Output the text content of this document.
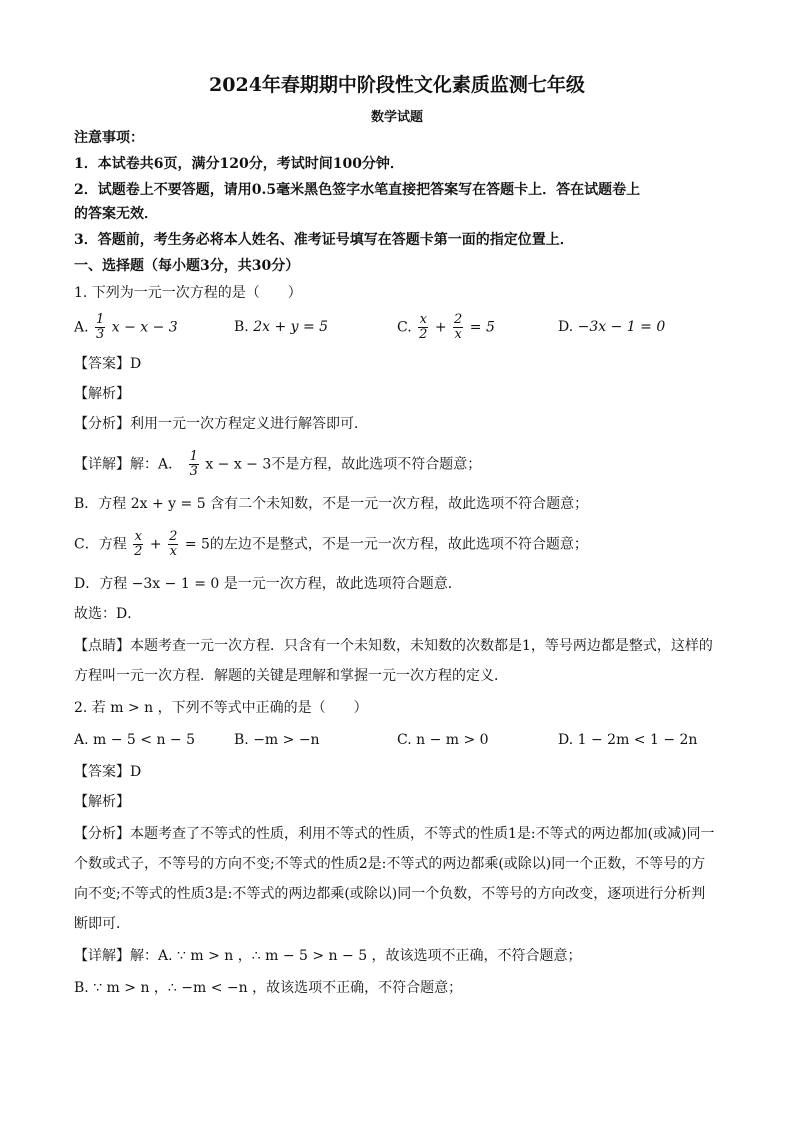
2024年春期期中阶段性文化素质监测七年级
数学试题
注意事项：
1．本试卷共6页，满分120分，考试时间100分钟．
2．试题卷上不要答题，请用0.5毫米黑色签字水笔直接把答案写在答题卡上．答在试题卷上
的答案无效．
3．答题前，考生务必将本人姓名、准考证号填写在答题卡第一面的指定位置上．
一、选择题（每小题3分，共30分）
1. 下列为一元一次方程的是（　　）
A. $\frac{1}{3}$ x − x − 3	B. 2x + y = 5	C. $\frac{x}{2} + \frac{2}{x} = 5$	D. −3x − 1 = 0
【答案】D
【解析】
【分析】利用一元一次方程定义进行解答即可．
【详解】解：A． $\frac{1}{3}$ x − x − 3不是方程，故此选项不符合题意；
B．方程 2x + y = 5 含有二个未知数，不是一元一次方程，故此选项不符合题意；
C．方程 $\frac{x}{2} + \frac{2}{x} = 5$的左边不是整式，不是一元一次方程，故此选项不符合题意；
D．方程 −3x − 1 = 0 是一元一次方程，故此选项符合题意．
故选：D．
【点睛】本题考查一元一次方程．只含有一个未知数，未知数的次数都是1，等号两边都是整式，这样的
方程叫一元一次方程．解题的关键是理解和掌握一元一次方程的定义．
2. 若 m > n ，下列不等式中正确的是（　　）
A. m − 5 < n − 5	B. −m > −n	C. n − m > 0	D. 1 − 2m < 1 − 2n
【答案】D
【解析】
【分析】本题考查了不等式的性质，利用不等式的性质，不等式的性质1是:不等式的两边都加(或减)同一
个数或式子，不等号的方向不变;不等式的性质2是:不等式的两边都乘(或除以)同一个正数，不等号的方
向不变;不等式的性质3是:不等式的两边都乘(或除以)同一个负数，不等号的方向改变，逐项进行分析判
断即可．
【详解】解：A. ∵ m > n ，∴ m − 5 > n − 5 ，故该选项不正确，不符合题意；
B. ∵ m > n ，∴ −m < −n ，故该选项不正确，不符合题意；
